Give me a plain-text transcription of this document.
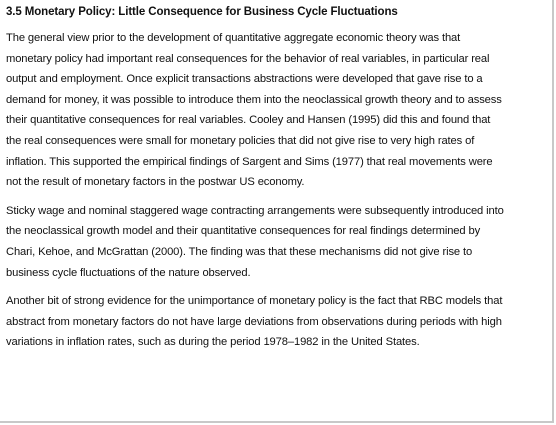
3.5 Monetary Policy: Little Consequence for Business Cycle Fluctuations
The general view prior to the development of quantitative aggregate economic theory was that
monetary policy had important real consequences for the behavior of real variables, in particular real
output and employment. Once explicit transactions abstractions were developed that gave rise to a
demand for money, it was possible to introduce them into the neoclassical growth theory and to assess
their quantitative consequences for real variables. Cooley and Hansen (1995) did this and found that
the real consequences were small for monetary policies that did not give rise to very high rates of
inflation. This supported the empirical findings of Sargent and Sims (1977) that real movements were
not the result of monetary factors in the postwar US economy.
Sticky wage and nominal staggered wage contracting arrangements were subsequently introduced into
the neoclassical growth model and their quantitative consequences for real findings determined by
Chari, Kehoe, and McGrattan (2000). The finding was that these mechanisms did not give rise to
business cycle fluctuations of the nature observed.
Another bit of strong evidence for the unimportance of monetary policy is the fact that RBC models that
abstract from monetary factors do not have large deviations from observations during periods with high
variations in inflation rates, such as during the period 1978–1982 in the United States.
